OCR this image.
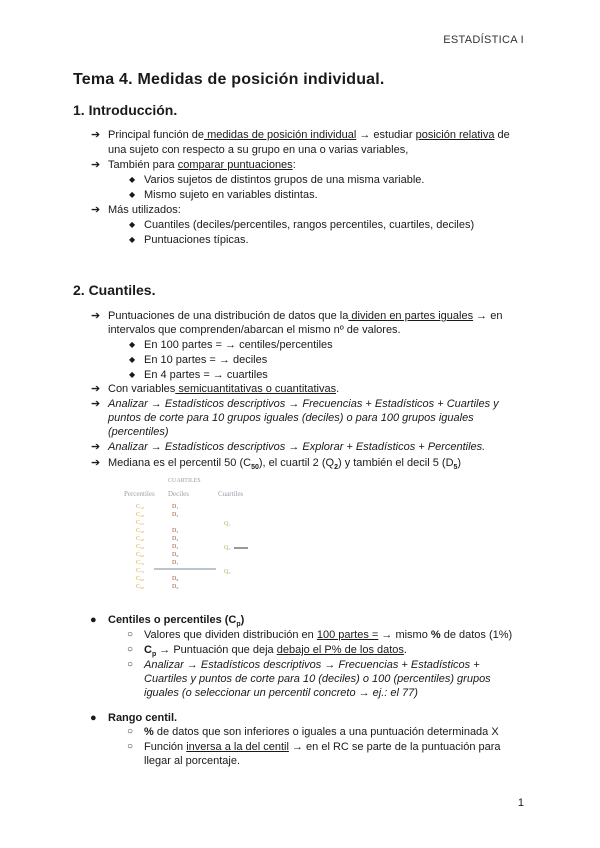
ESTADÍSTICA I
Tema 4. Medidas de posición individual.
1. Introducción.
➔ Principal función de medidas de posición individual → estudiar posición relativa de
una sujeto con respecto a su grupo en una o varias variables,
➔ También para comparar puntuaciones:
◆ Varios sujetos de distintos grupos de una misma variable.
◆ Mismo sujeto en variables distintas.
➔ Más utilizados:
◆ Cuantiles (deciles/percentiles, rangos percentiles, cuartiles, deciles)
◆ Puntuaciones típicas.
2. Cuantiles.
➔ Puntuaciones de una distribución de datos que la dividen en partes iguales → en
intervalos que comprenden/abarcan el mismo nº de valores.
◆ En 100 partes = → centiles/percentiles
◆ En 10 partes = → deciles
◆ En 4 partes = → cuartiles
➔ Con variables semicuantitativas o cuantitativas.
➔ Analizar → Estadísticos descriptivos → Frecuencias + Estadísticos + Cuartiles y
puntos de corte para 10 grupos iguales (deciles) o para 100 grupos iguales
(percentiles)
➔ Analizar → Estadísticos descriptivos → Explorar + Estadísticos + Percentiles.
➔ Mediana es el percentil 50 $(C_{50})$, el cuartil 2 $(Q_2)$ y también el decil 5 $(D_5)$
CUARTILES
Percentiles Deciles	Cuartiles
C₁₀
C₂₀
C₂₅
C₃₀
C₄₀
C₅₀
C₆₀
C₇₀
C₇₅
C₈₀
C₉₀
D₁
D₂
D₃
D₄
D₅
D₆
D₇
D₈
D₉
Q₁
Q₂
Q₃
● Centiles o percentiles $(C_p)$
○ Valores que dividen distribución en 100 partes = → mismo % de datos (1%)
○ $C_p$ → Puntuación que deja debajo el P% de los datos.
○ Analizar → Estadísticos descriptivos → Frecuencias + Estadísticos +
Cuartiles y puntos de corte para 10 (deciles) o 100 (percentiles) grupos
iguales (o seleccionar un percentil concreto → ej.: el 77)
● Rango centil.
○ % de datos que son inferiores o iguales a una puntuación determinada X
○ Función inversa a la del centil → en el RC se parte de la puntuación para
llegar al porcentaje.
1
